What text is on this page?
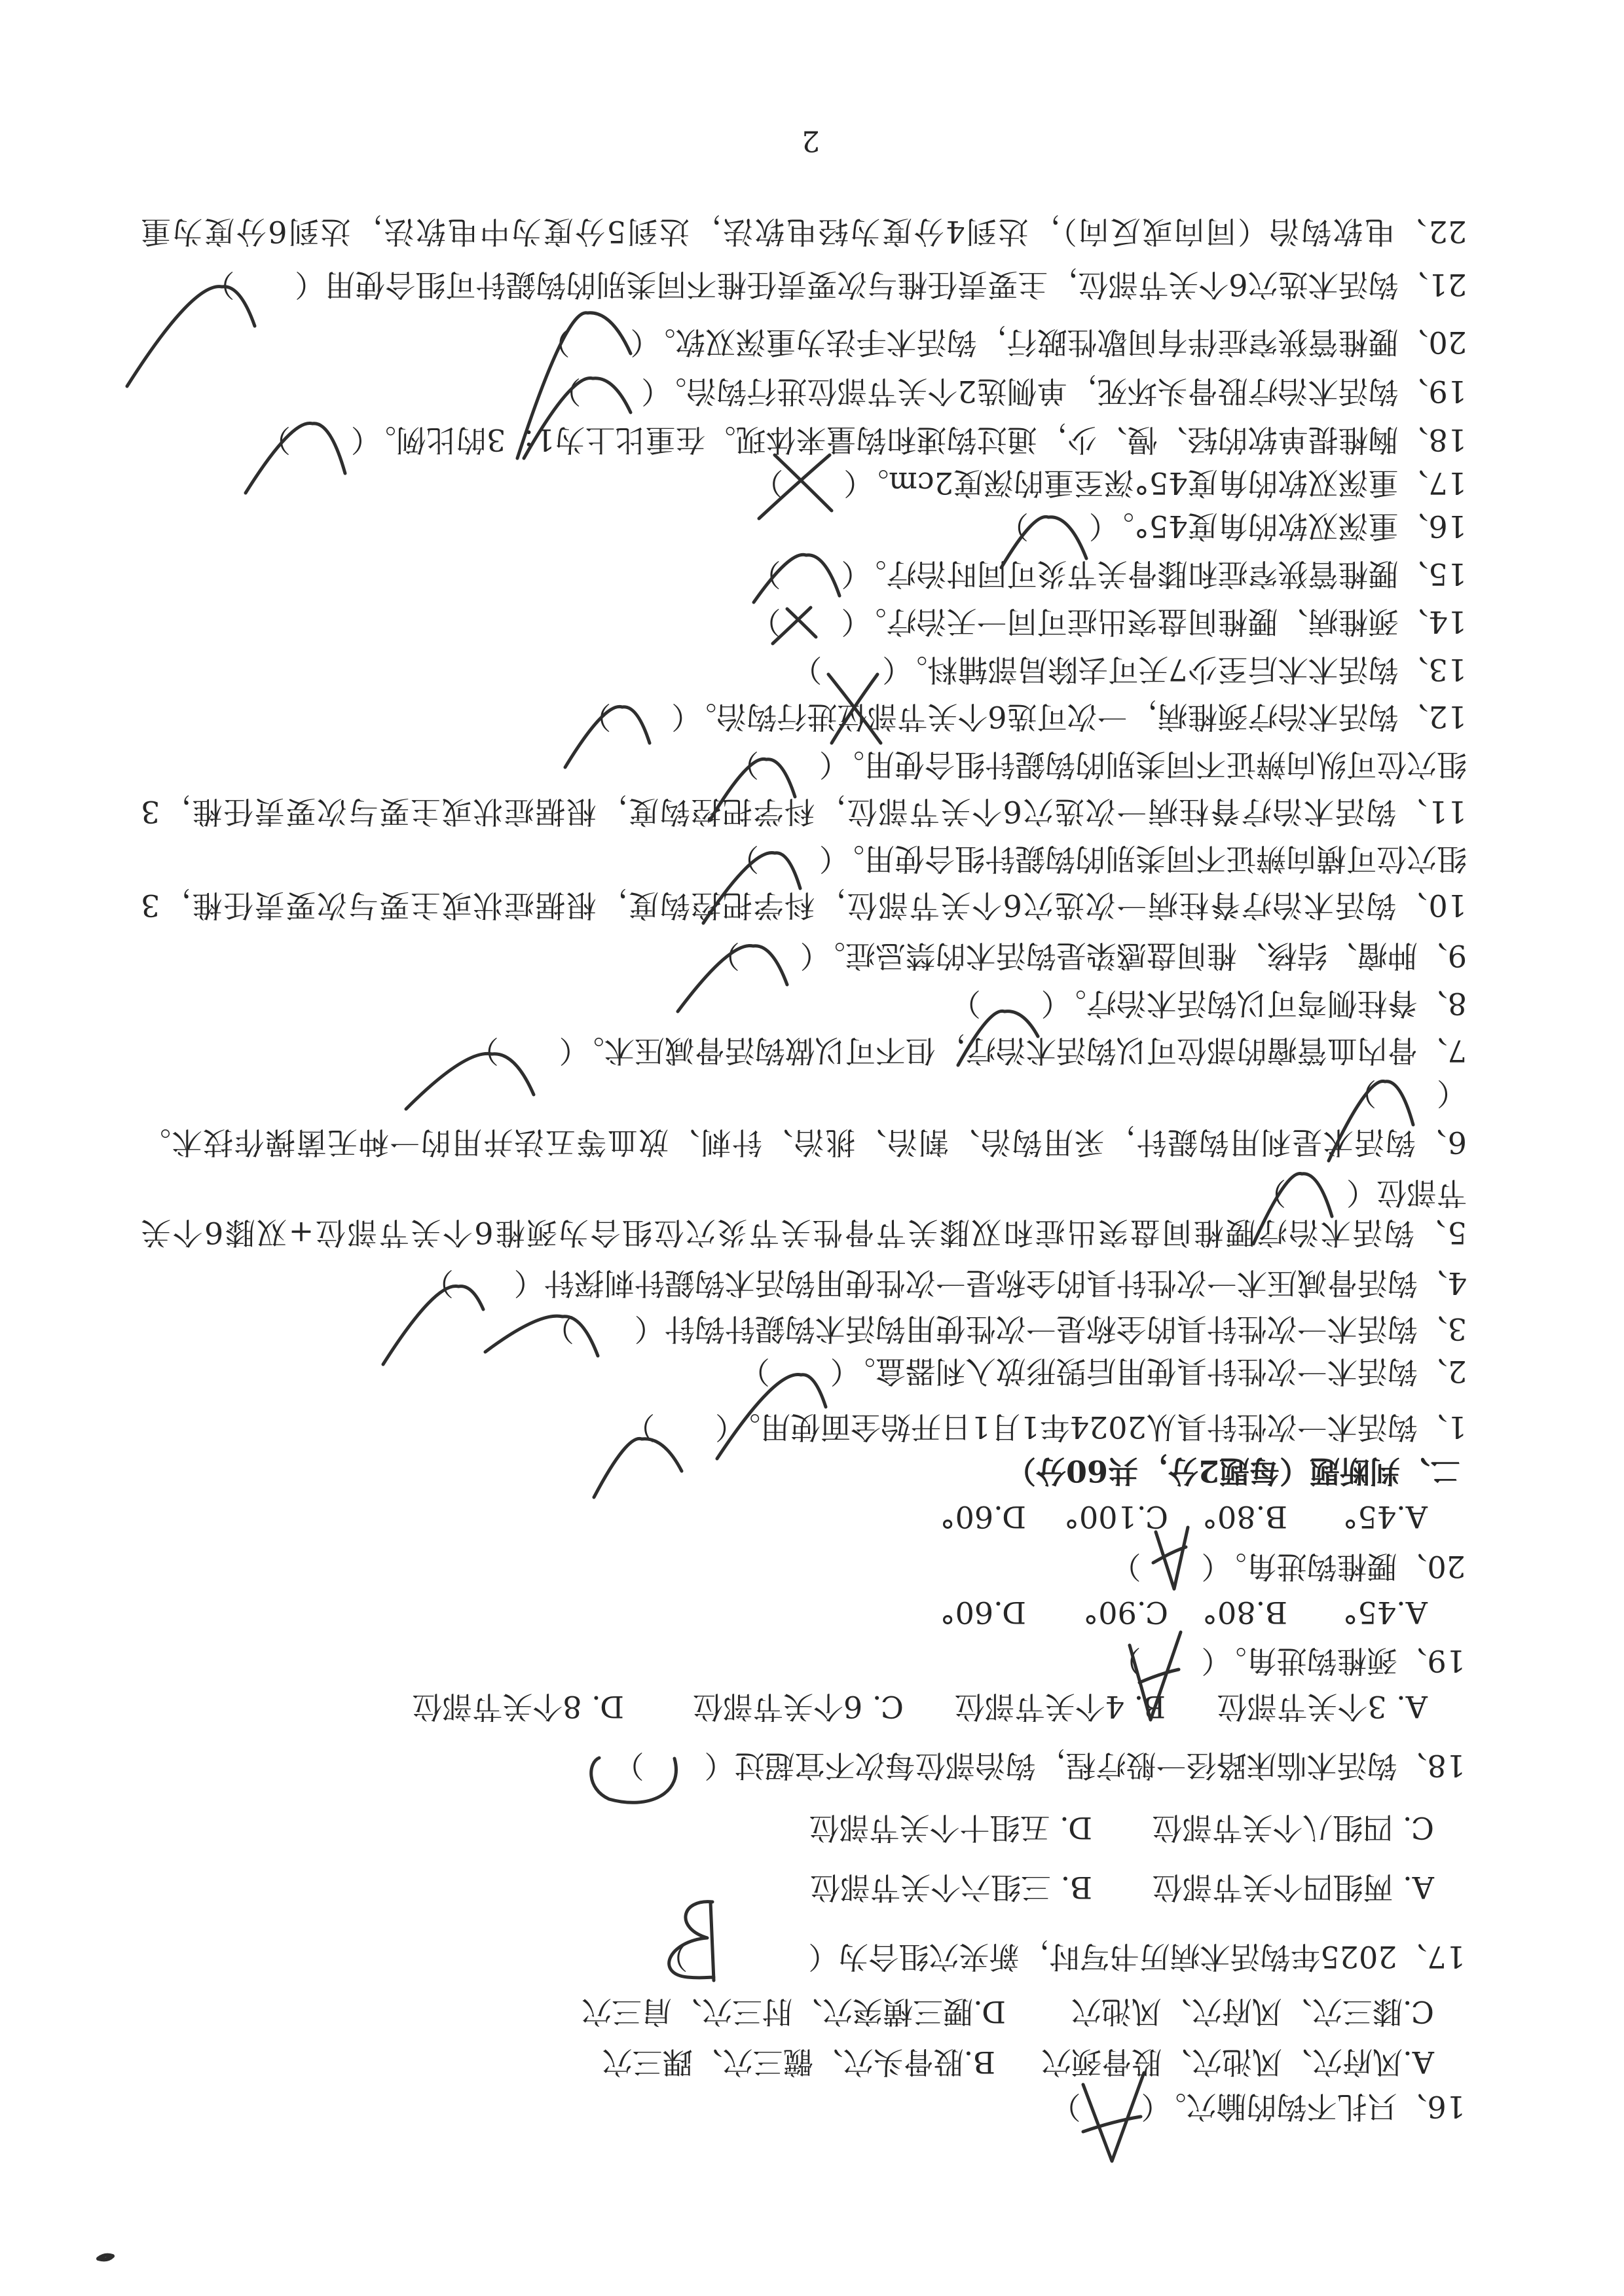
16、只扎不钩的腧穴。（　　）
A.风府穴、风池穴、股骨颈穴
B.股骨头穴、髋三穴、踝三穴
C.膝三穴、风府穴、风池穴
D.腰三横突穴、肘三穴、肩三穴
17、2025年钩活术病历书写时，新夹穴组合为（　　　　）
A. 两组四个关节部位
B. 三组六个关节部位
C. 四组八个关节部位
D. 五组十个关节部位
18、钩活术临床路径一般疗程，钩治部位每次不宜超过（　　）
A. 3个关节部位
B. 4个关节部位
C. 6个关节部位
D. 8个关节部位
19、颈椎钩进角。（　　）
A.45°
B.80°
C.90°
D.60°
20、腰椎钩进角。（　　）
A.45°
B.80°
C.100°
D.60°
二、判断题（每题2分，共60分）
1、钩活术一次性针具从2024年1月1日开始全面使用。（　　）
2、钩活术一次性针具使用后毁形放入利器盒。（　　）
3、钩活术一次性针具的全称是一次性使用钩活术钩鍉针钩针（　　）
4、钩活骨减压术一次性针具的全称是一次性使用钩活术钩鍉针刺探针（　　）
5、钩活术治疗腰椎间盘突出症和双膝关节骨性关节炎穴位组合为颈椎6个关节部位+双膝6个关
节部位（　　）
6、钩活术是利用钩鍉针，采用钩治、割治、挑治、针刺、放血等五法并用的一种无菌操作技术。
（　　）
7、骨内血管瘤的部位可以钩活术治疗，但不可以做钩活骨减压术。（　　）
8、脊柱侧弯可以钩活术治疗。（　　）
9、肿瘤、结核、椎间盘感染是钩活术的禁忌症。（　　）
10、钩活术治疗脊柱病一次选穴6个关节部位，科学把控钩度，根据症状或主要与次要责任椎，3
组穴位可横向辨证不同类别的钩鍉针组合使用。（　　）
11、钩活术治疗脊柱病一次选穴6个关节部位，科学把控钩度，根据症状或主要与次要责任椎，3
组穴位可纵向辨证不同类别的钩鍉针组合使用。（　　）
12、钩活术治疗颈椎病，一次可选6个关节部位进行钩治。（　　）
13、钩活术术后至少7天可去除局部辅料。（　　）
14、颈椎病、腰椎间盘突出症可同一天治疗。（　　）
15、腰椎管狭窄症和膝骨关节炎可同时治疗。（　　）
16、重深双软的角度45°。（　　）
17、重深双软的角度45°深至重的深度2cm。（　　）
18、胸椎提单软的轻、慢、少，通过钩速和钩量来体现。在重比上为1：3的比例。（　　）
19、钩活术治疗股骨头坏死，单侧选2个关节部位进行钩治。（　　）
20、腰椎管狭窄症伴有间歇性跛行，钩活术手法为重深双软。（　　）
21、钩活术选穴6个关节部位，主要责任椎与次要责任椎不同类别的钩鍉针可组合使用（　　）
22、电软钩治（同向或反向），达到4分度为轻电软法，达到5分度为中电软法，达到6分度为重
2
